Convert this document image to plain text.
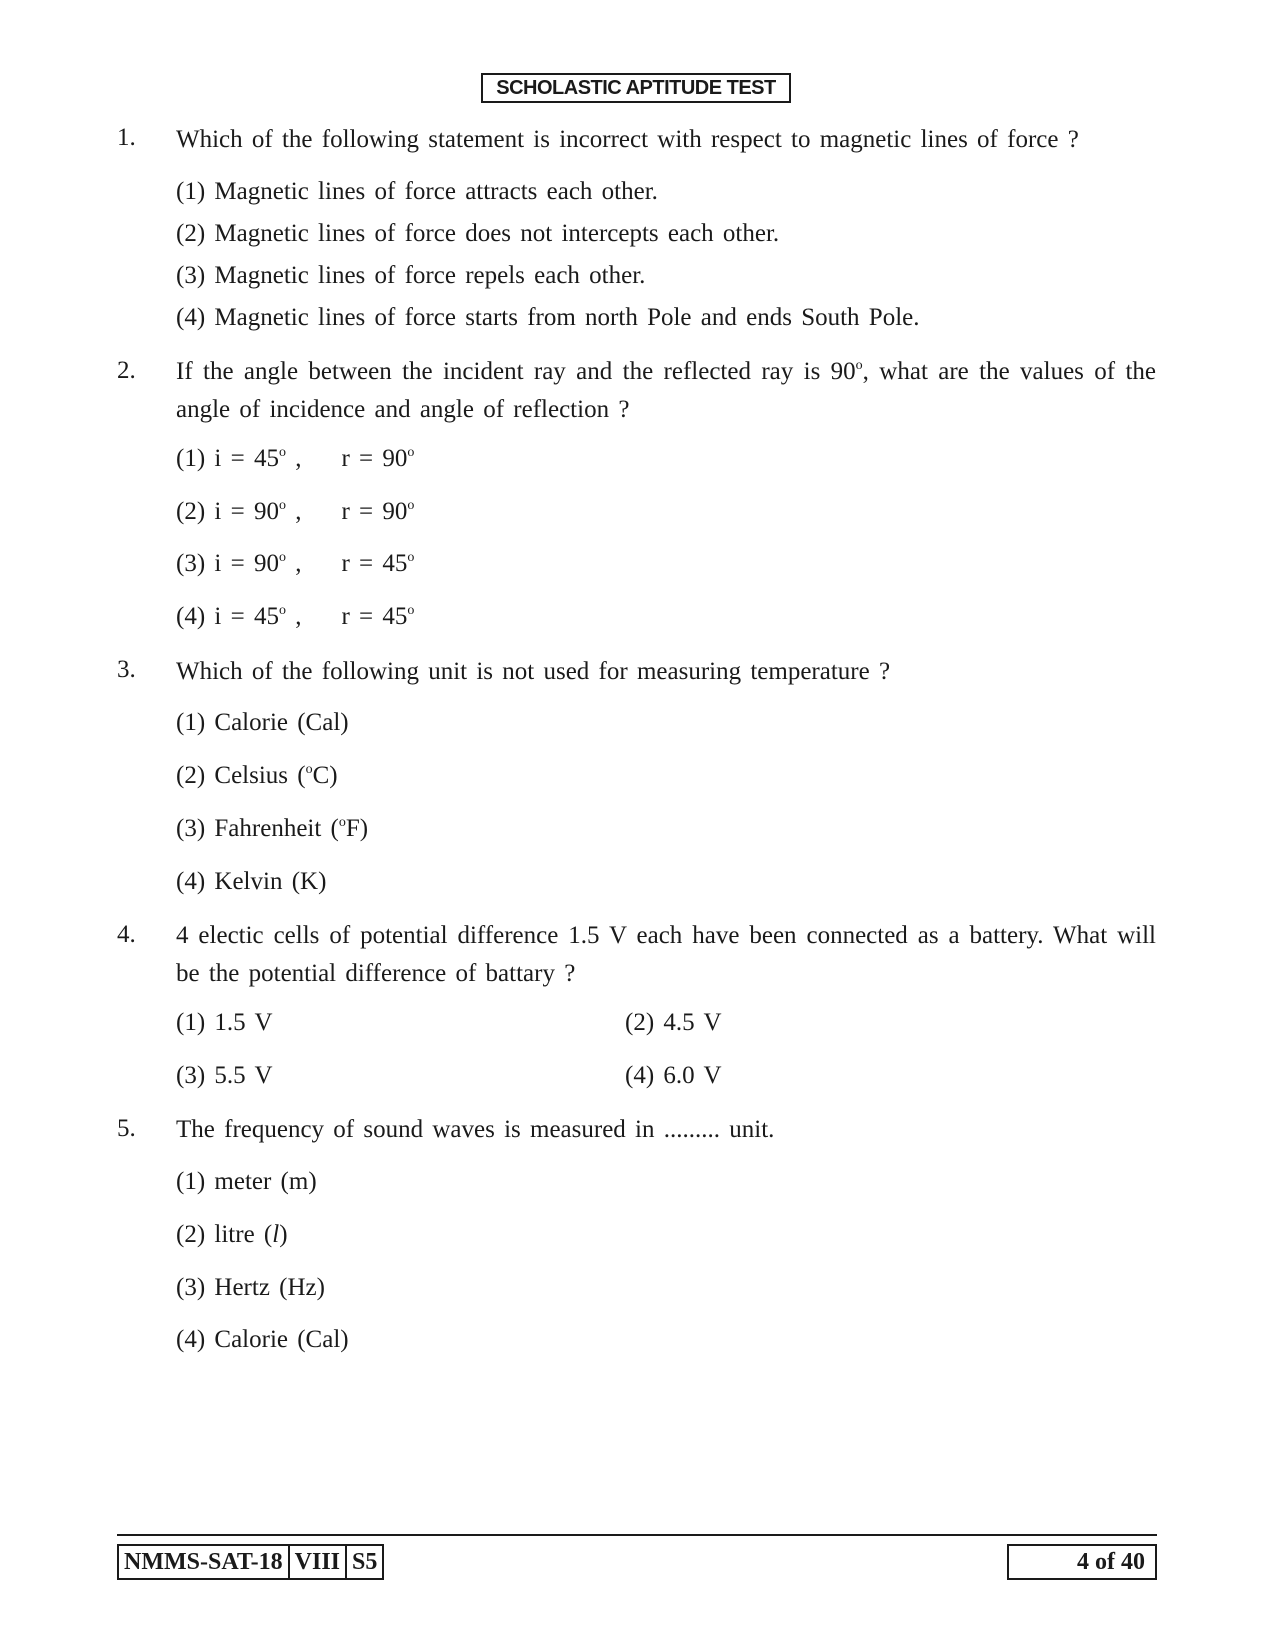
SCHOLASTIC APTITUDE TEST
1. Which of the following statement is incorrect with respect to magnetic lines of force ?
(1) Magnetic lines of force attracts each other.
(2) Magnetic lines of force does not intercepts each other.
(3) Magnetic lines of force repels each other.
(4) Magnetic lines of force starts from north Pole and ends South Pole.
2. If the angle between the incident ray and the reflected ray is 90$^o$, what are the values of the angle of incidence and angle of reflection ?
(1) $i = 45^o$ , $r = 90^o$
(2) $i = 90^o$ , $r = 90^o$
(3) $i = 90^o$ , $r = 45^o$
(4) $i = 45^o$ , $r = 45^o$
3. Which of the following unit is not used for measuring temperature ?
(1) Calorie (Cal)
(2) Celsius ($^o$C)
(3) Fahrenheit ($^o$F)
(4) Kelvin (K)
4. 4 electic cells of potential difference 1.5 V each have been connected as a battery. What will be the potential difference of battary ?
(1) 1.5 V	(2) 4.5 V
(3) 5.5 V	(4) 6.0 V
5. The frequency of sound waves is measured in ......... unit.
(1) meter (m)
(2) litre (l)
(3) Hertz (Hz)
(4) Calorie (Cal)
NMMS-SAT-18 VIII S5	4 of 40
